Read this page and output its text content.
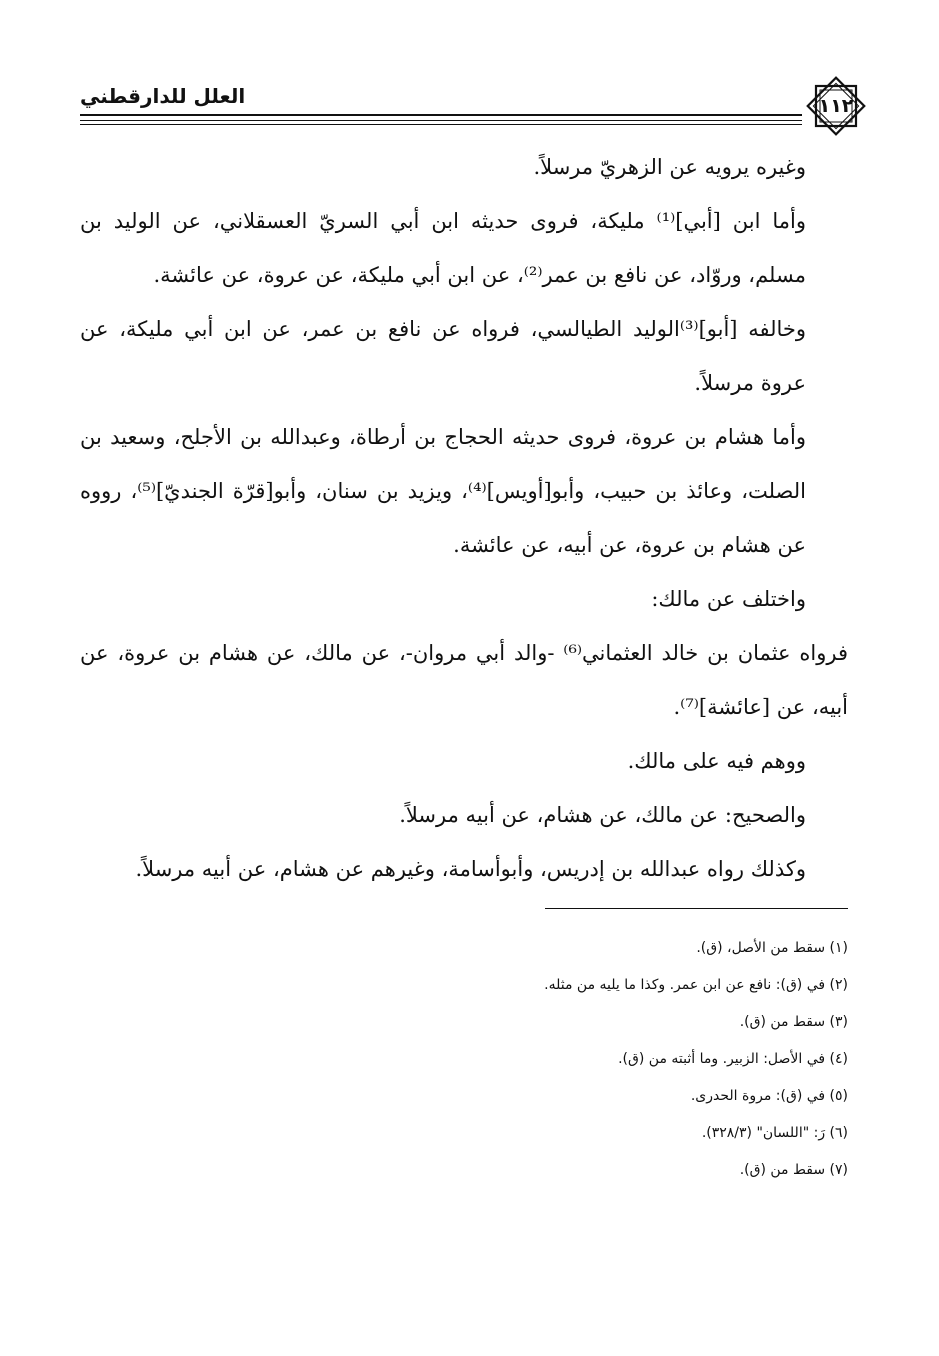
العلل للدارقطني	١١٢

وغيره يرويه عن الزهريّ مرسلاً.

وأما ابن [أبي]⁽¹⁾ مليكة، فروى حديثه ابن أبي السريّ العسقلاني، عن الوليد بن مسلم، وروّاد، عن نافع بن عمر⁽²⁾، عن ابن أبي مليكة، عن عروة، عن عائشة.

وخالفه [أبو]⁽³⁾الوليد الطيالسي، فرواه عن نافع بن عمر، عن ابن أبي مليكة، عن عروة مرسلاً.

وأما هشام بن عروة، فروى حديثه الحجاج بن أرطاة، وعبدالله بن الأجلح، وسعيد بن الصلت، وعائذ بن حبيب، وأبو[أويس]⁽⁴⁾، ويزيد بن سنان، وأبو[قرّة الجنديّ]⁽⁵⁾، رووه عن هشام بن عروة، عن أبيه، عن عائشة.

واختلف عن مالك:

فرواه عثمان بن خالد العثماني⁽⁶⁾ -والد أبي مروان-، عن مالك، عن هشام بن عروة، عن أبيه، عن [عائشة]⁽⁷⁾.

ووهم فيه على مالك.

والصحيح: عن مالك، عن هشام، عن أبيه مرسلاً.

وكذلك رواه عبدالله بن إدريس، وأبوأسامة، وغيرهم عن هشام، عن أبيه مرسلاً.

(١) سقط من الأصل، (ق).

(٢) في (ق): نافع عن ابن عمر. وكذا ما يليه من مثله.

(٣) سقط من (ق).

(٤) في الأصل: الزبير. وما أثبته من (ق).

(٥) في (ق): مروة الحدرى.

(٦) رَ: "اللسان" (٣٢٨/٣).

(٧) سقط من (ق).
